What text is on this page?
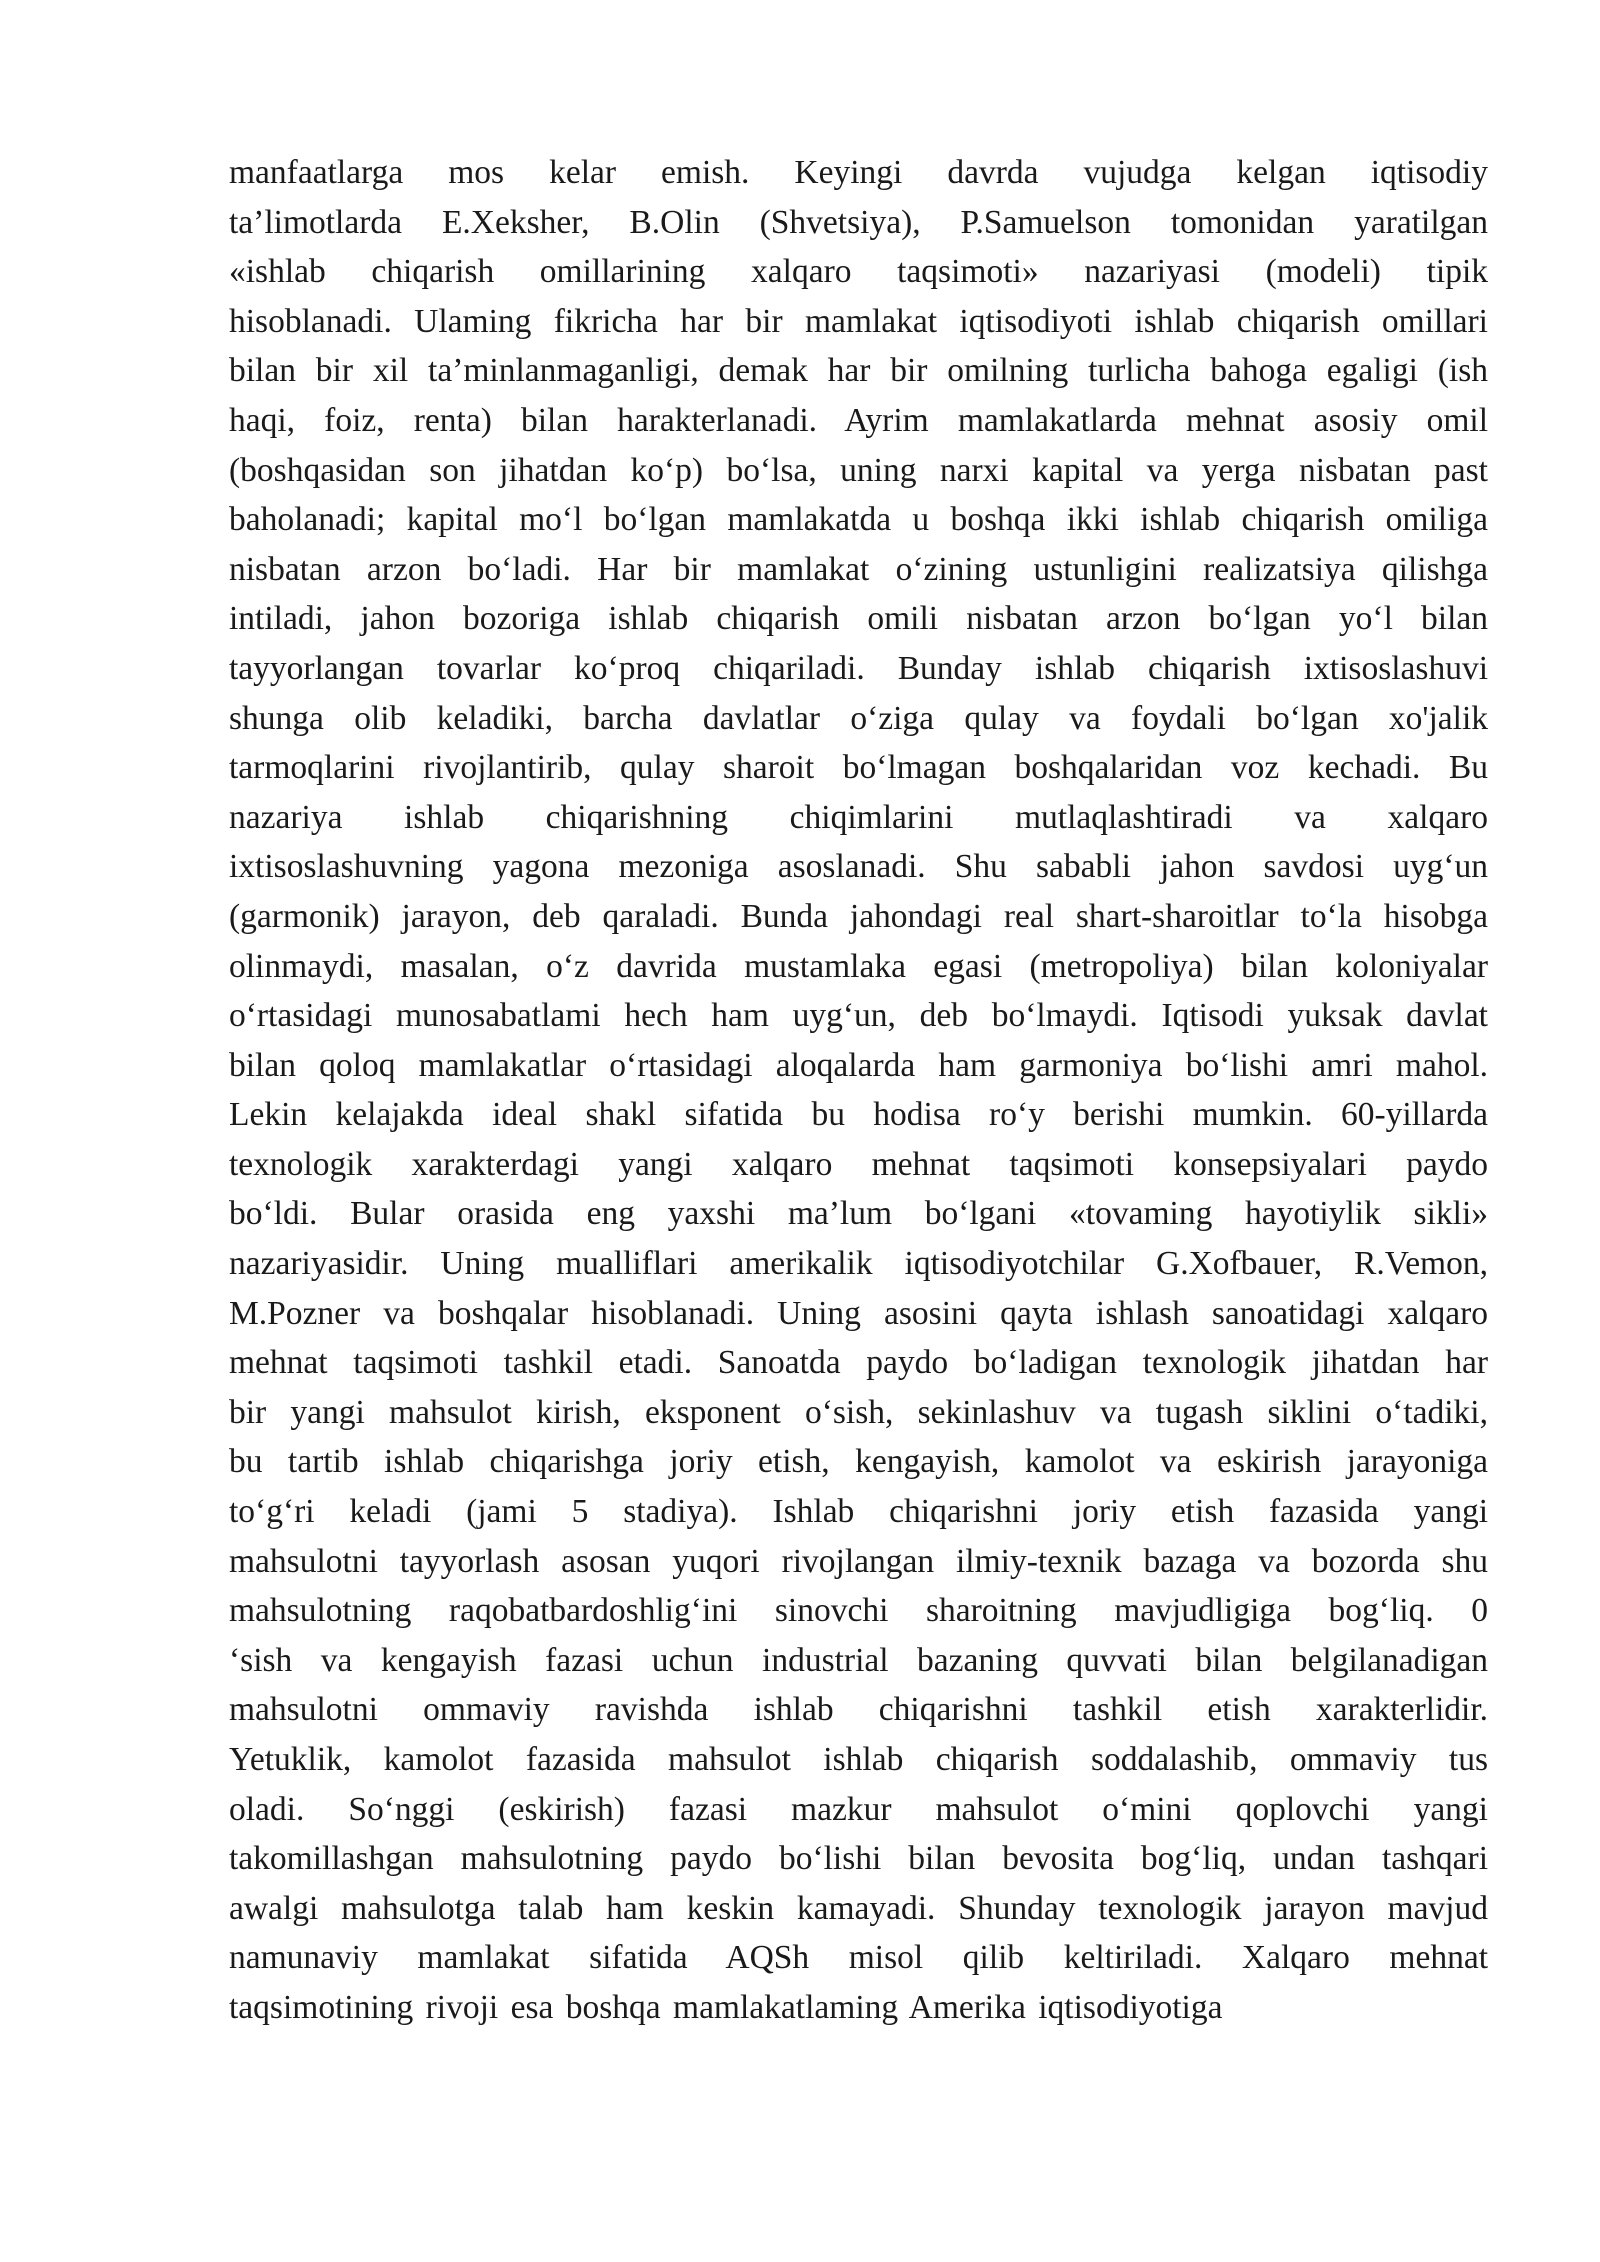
manfaatlarga mos kelar emish. Keyingi davrda vujudga kelgan iqtisodiy
ta’limotlarda E.Xeksher, B.Olin (Shvetsiya), P.Samuelson tomonidan yaratilgan
«ishlab chiqarish omillarining xalqaro taqsimoti» nazariyasi (modeli) tipik
hisoblanadi. Ulaming fikricha har bir mamlakat iqtisodiyoti ishlab chiqarish omillari
bilan bir xil ta’minlanmaganligi, demak har bir omilning turlicha bahoga egaligi (ish
haqi, foiz, renta) bilan harakterlanadi. Ayrim mamlakatlarda mehnat asosiy omil
(boshqasidan son jihatdan ko‘p) bo‘lsa, uning narxi kapital va yerga nisbatan past
baholanadi; kapital mo‘l bo‘lgan mamlakatda u boshqa ikki ishlab chiqarish omiliga
nisbatan arzon bo‘ladi. Har bir mamlakat o‘zining ustunligini realizatsiya qilishga
intiladi, jahon bozoriga ishlab chiqarish omili nisbatan arzon bo‘lgan yo‘l bilan
tayyorlangan tovarlar ko‘proq chiqariladi. Bunday ishlab chiqarish ixtisoslashuvi
shunga olib keladiki, barcha davlatlar o‘ziga qulay va foydali bo‘lgan xo'jalik
tarmoqlarini rivojlantirib, qulay sharoit bo‘lmagan boshqalaridan voz kechadi. Bu
nazariya ishlab chiqarishning chiqimlarini mutlaqlashtiradi va xalqaro
ixtisoslashuvning yagona mezoniga asoslanadi. Shu sababli jahon savdosi uyg‘un
(garmonik) jarayon, deb qaraladi. Bunda jahondagi real shart-sharoitlar to‘la hisobga
olinmaydi, masalan, o‘z davrida mustamlaka egasi (metropoliya) bilan koloniyalar
o‘rtasidagi munosabatlami hech ham uyg‘un, deb bo‘lmaydi. Iqtisodi yuksak davlat
bilan qoloq mamlakatlar o‘rtasidagi aloqalarda ham garmoniya bo‘lishi amri mahol.
Lekin kelajakda ideal shakl sifatida bu hodisa ro‘y berishi mumkin. 60-yillarda
texnologik xarakterdagi yangi xalqaro mehnat taqsimoti konsepsiyalari paydo
bo‘ldi. Bular orasida eng yaxshi ma’lum bo‘lgani «tovaming hayotiylik sikli»
nazariyasidir. Uning mualliflari amerikalik iqtisodiyotchilar G.Xofbauer, R.Vemon,
M.Pozner va boshqalar hisoblanadi. Uning asosini qayta ishlash sanoatidagi xalqaro
mehnat taqsimoti tashkil etadi. Sanoatda paydo bo‘ladigan texnologik jihatdan har
bir yangi mahsulot kirish, eksponent o‘sish, sekinlashuv va tugash siklini o‘tadiki,
bu tartib ishlab chiqarishga joriy etish, kengayish, kamolot va eskirish jarayoniga
to‘g‘ri keladi (jami 5 stadiya). Ishlab chiqarishni joriy etish fazasida yangi
mahsulotni tayyorlash asosan yuqori rivojlangan ilmiy-texnik bazaga va bozorda shu
mahsulotning raqobatbardoshlig‘ini sinovchi sharoitning mavjudligiga bog‘liq. 0
‘sish va kengayish fazasi uchun industrial bazaning quvvati bilan belgilanadigan
mahsulotni ommaviy ravishda ishlab chiqarishni tashkil etish xarakterlidir.
Yetuklik, kamolot fazasida mahsulot ishlab chiqarish soddalashib, ommaviy tus
oladi. So‘nggi (eskirish) fazasi mazkur mahsulot o‘mini qoplovchi yangi
takomillashgan mahsulotning paydo bo‘lishi bilan bevosita bog‘liq, undan tashqari
awalgi mahsulotga talab ham keskin kamayadi. Shunday texnologik jarayon mavjud
namunaviy mamlakat sifatida AQSh misol qilib keltiriladi. Xalqaro mehnat
taqsimotining rivoji esa boshqa mamlakatlaming Amerika iqtisodiyotiga
